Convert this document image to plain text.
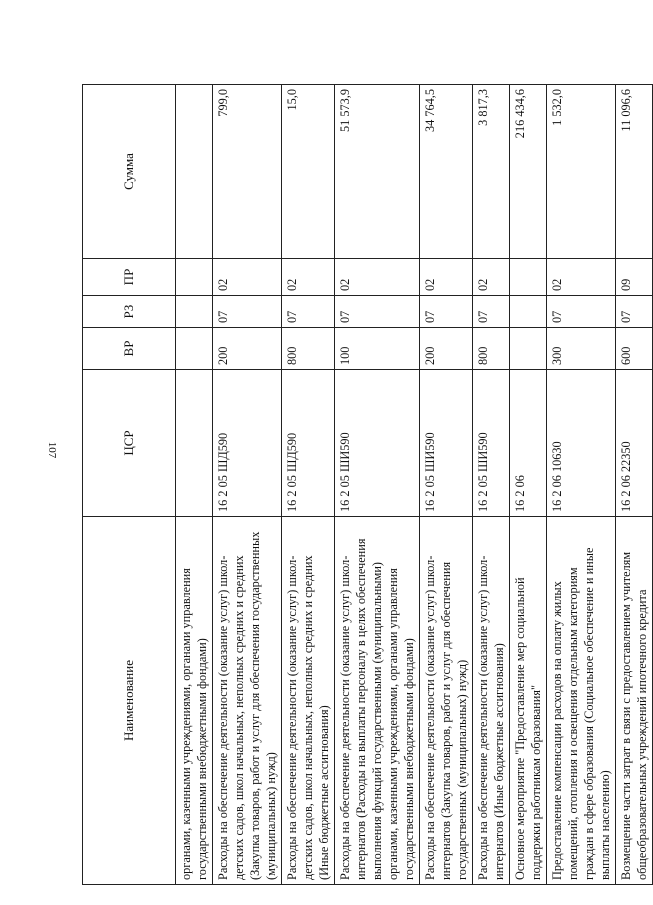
107
Наименование	ЦСР	ВР	РЗ	ПР	Сумма
органами, казенными учреждениями, органами управления государственными внебюджетными фондами)					
Расходы на обеспечение деятельности (оказание услуг) школ-детских садов, школ начальных, неполных средних и средних (Закупка товаров, работ и услуг для обеспечения государственных (муниципальных) нужд)	16 2 05 ШД590	200	07	02	799,0
Расходы на обеспечение деятельности (оказание услуг) школ-детских садов, школ начальных, неполных средних и средних (Иные бюджетные ассигнования)	16 2 05 ШД590	800	07	02	15,0
Расходы на обеспечение деятельности (оказание услуг) школ-интернатов (Расходы на выплаты персоналу в целях обеспечения выполнения функций государственными (муниципальными) органами, казенными учреждениями, органами управления государственными внебюджетными фондами)	16 2 05 ШИ590	100	07	02	51 573,9
Расходы на обеспечение деятельности (оказание услуг) школ-интернатов (Закупка товаров, работ и услуг для обеспечения государственных (муниципальных) нужд)	16 2 05 ШИ590	200	07	02	34 764,5
Расходы на обеспечение деятельности (оказание услуг) школ-интернатов (Иные бюджетные ассигнования)	16 2 05 ШИ590	800	07	02	3 817,3
Основное мероприятие "Предоставление мер социальной поддержки работникам образования"	16 2 06				216 434,6
Предоставление компенсации расходов на оплату жилых помещений, отопления и освещения отдельным категориям граждан в сфере образования (Социальное обеспечение и иные выплаты населению)	16 2 06 10630	300	07	02	1 532,0
Возмещение части затрат в связи с предоставлением учителям общеобразовательных учреждений ипотечного кредита	16 2 06 22350	600	07	09	11 096,6
